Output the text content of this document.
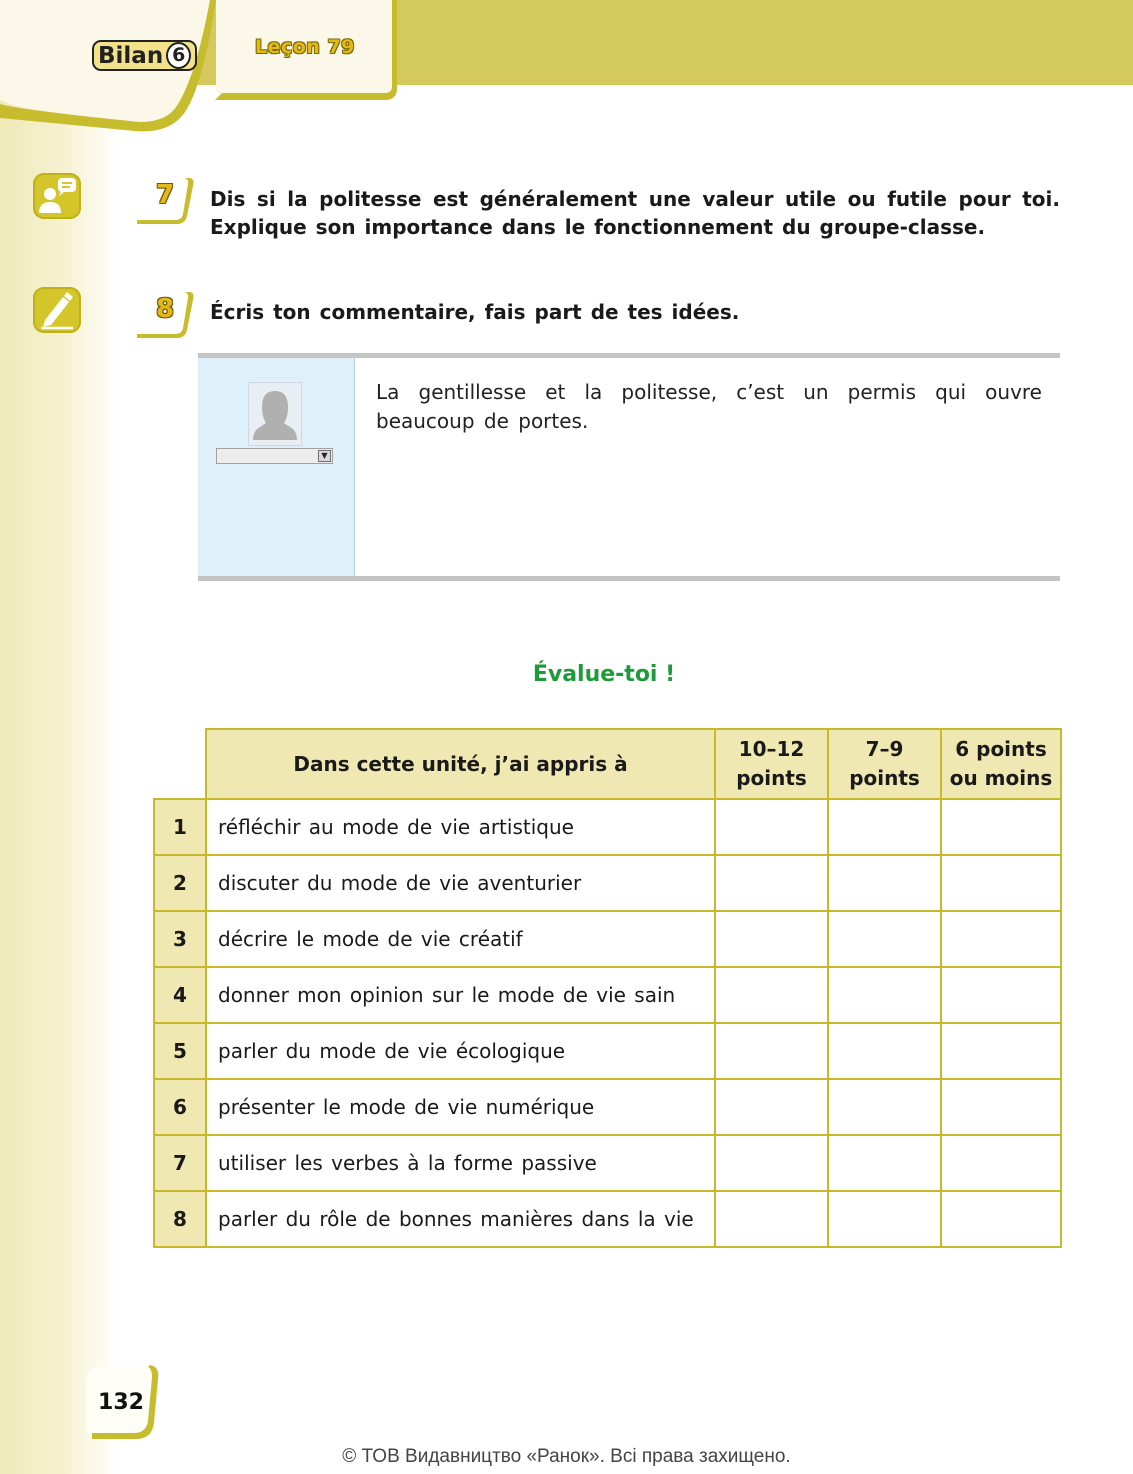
Bilan 6	Leçon 79
7	Dis si la politesse est généralement une valeur utile ou futile pour toi. Explique son importance dans le fonctionnement du groupe-classe.
8	Écris ton commentaire, fais part de tes idées.
▼
La gentillesse et la politesse, c’est un permis qui ouvre beaucoup de portes.
Évalue-toi !
	Dans cette unité, j’ai appris à	10–12 points	7–9 points	6 points ou moins
1	réfléchir au mode de vie artistique			
2	discuter du mode de vie aventurier			
3	décrire le mode de vie créatif			
4	donner mon opinion sur le mode de vie sain			
5	parler du mode de vie écologique			
6	présenter le mode de vie numérique			
7	utiliser les verbes à la forme passive			
8	parler du rôle de bonnes manières dans la vie			
132
© ТОВ Видавництво «Ранок». Всі права захищено.
